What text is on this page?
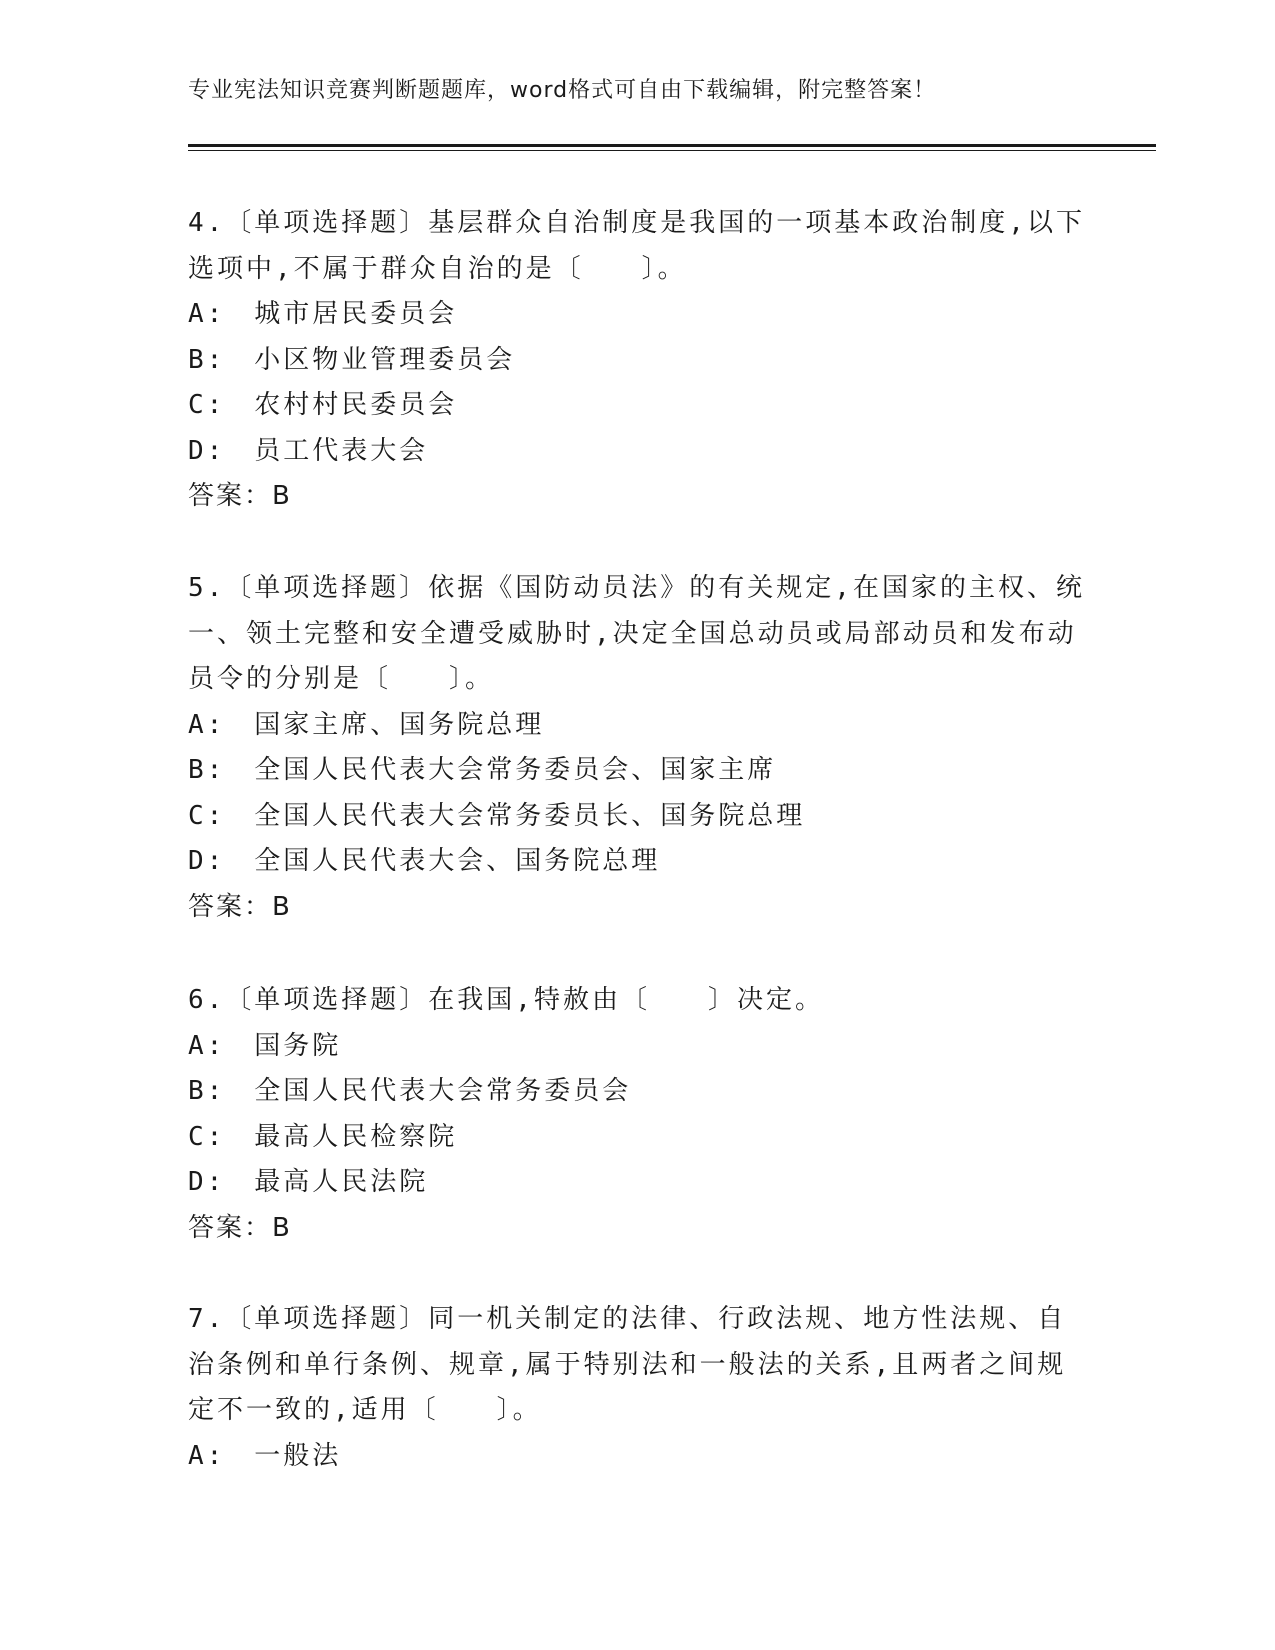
专业宪法知识竞赛判断题题库，word格式可自由下载编辑，附完整答案！

4.〔单项选择题〕基层群众自治制度是我国的一项基本政治制度,以下

选项中,不属于群众自治的是〔　　〕。

A:　城市居民委员会

B:　小区物业管理委员会

C:　农村村民委员会

D:　员工代表大会

答案：B

5.〔单项选择题〕依据《国防动员法》的有关规定,在国家的主权、统

一、领土完整和安全遭受威胁时,决定全国总动员或局部动员和发布动

员令的分别是〔　　〕。

A:　国家主席、国务院总理

B:　全国人民代表大会常务委员会、国家主席

C:　全国人民代表大会常务委员长、国务院总理

D:　全国人民代表大会、国务院总理

答案：B

6.〔单项选择题〕在我国,特赦由〔　　〕决定。

A:　国务院

B:　全国人民代表大会常务委员会

C:　最高人民检察院

D:　最高人民法院

答案：B

7.〔单项选择题〕同一机关制定的法律、行政法规、地方性法规、自

治条例和单行条例、规章,属于特别法和一般法的关系,且两者之间规

定不一致的,适用〔　　〕。

A:　一般法
